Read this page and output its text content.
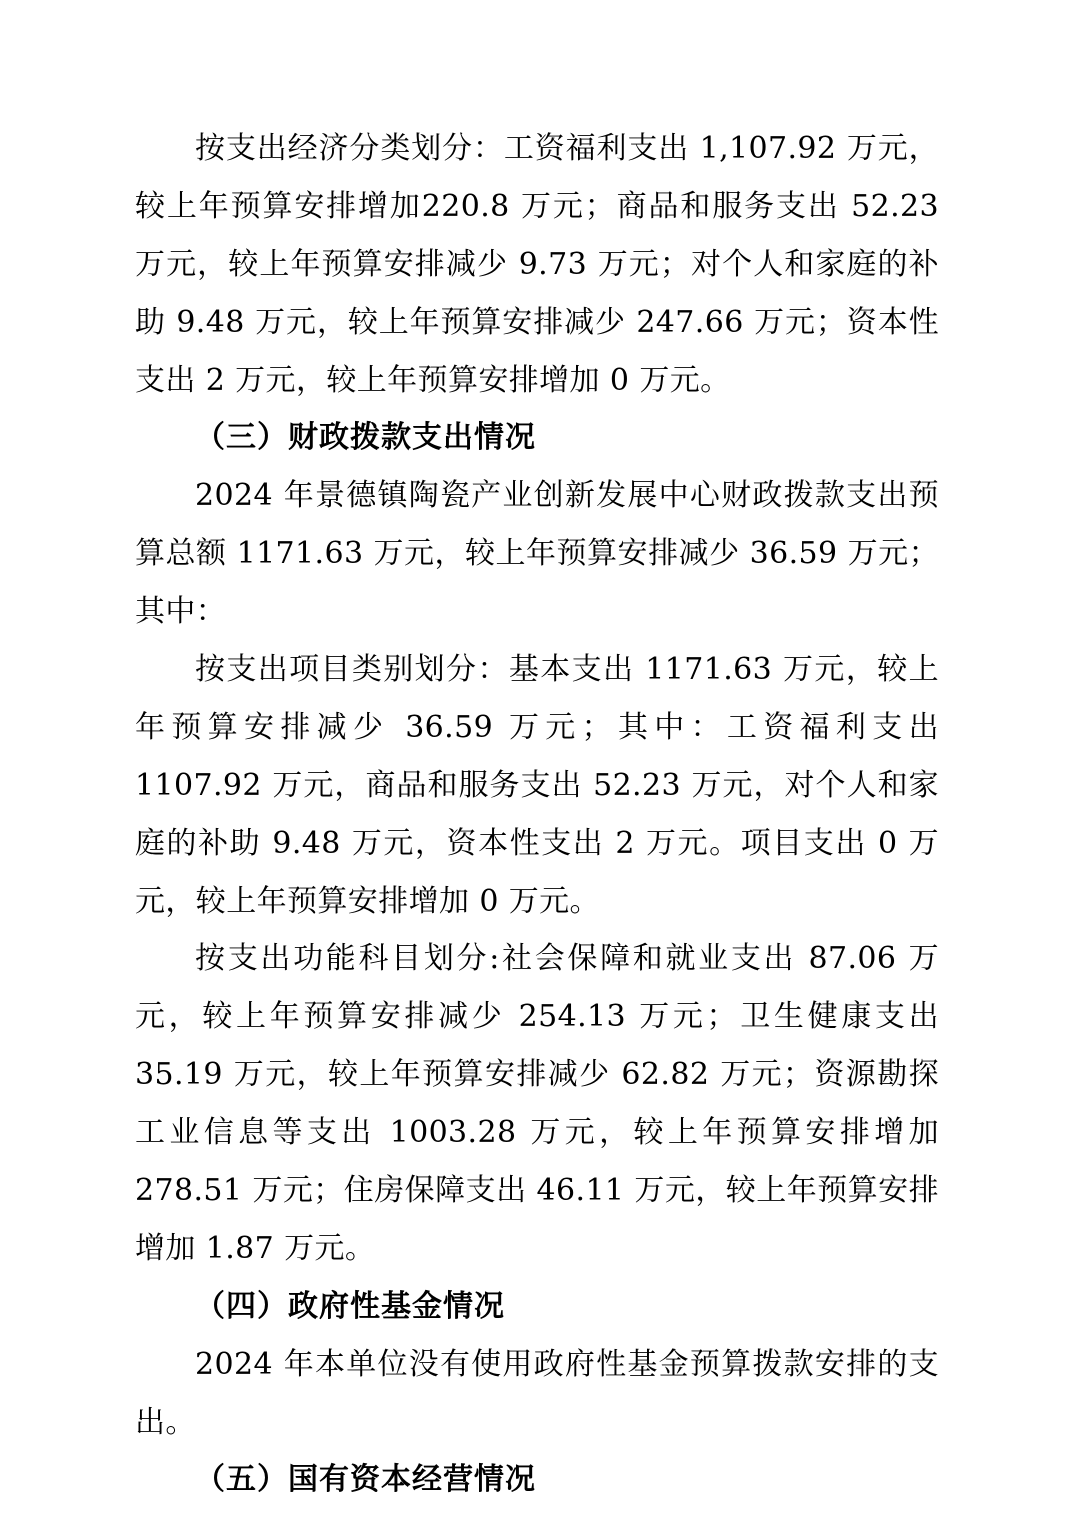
按支出经济分类划分：工资福利支出 1,107.92 万元，较上年预算安排增加220.8 万元；商品和服务支出 52.23 万元，较上年预算安排减少 9.73 万元；对个人和家庭的补助 9.48 万元，较上年预算安排减少 247.66 万元；资本性支出 2 万元，较上年预算安排增加 0 万元。

（三）财政拨款支出情况

2024 年景德镇陶瓷产业创新发展中心财政拨款支出预算总额 1171.63 万元，较上年预算安排减少 36.59 万元；其中：

按支出项目类别划分：基本支出 1171.63 万元，较上年预算安排减少 36.59 万元；其中：工资福利支出 1107.92 万元，商品和服务支出 52.23 万元，对个人和家庭的补助 9.48 万元，资本性支出 2 万元。项目支出 0 万元，较上年预算安排增加 0 万元。

按支出功能科目划分:社会保障和就业支出 87.06 万元，较上年预算安排减少 254.13 万元；卫生健康支出 35.19 万元，较上年预算安排减少 62.82 万元；资源勘探工业信息等支出 1003.28 万元，较上年预算安排增加 278.51 万元；住房保障支出 46.11 万元，较上年预算安排增加 1.87 万元。

（四）政府性基金情况

2024 年本单位没有使用政府性基金预算拨款安排的支出。

（五）国有资本经营情况
